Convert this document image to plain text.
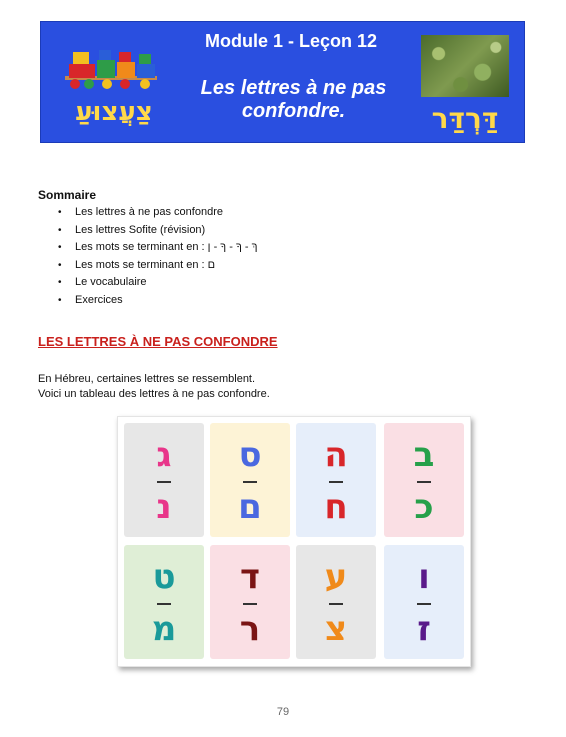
צַעֲצוּעַ
Module 1 - Leçon 12
Les lettres à ne pas confondre.	דַּרְדַּר
Sommaire
• Les lettres à ne pas confondre
• Les lettres Sofite (révision)
• Les mots se terminant en : ךְ - ךָ - ךָ - ן
• Les mots se terminant en : ם
• Le vocabulaire
• Exercices
LES LETTRES À NE PAS CONFONDRE
En Hébreu, certaines lettres se ressemblent.
Voici un tableau des lettres à ne pas confondre.
ג
נ
ס
ם
ה
ח
ב
כ
ט
מ
ד
ר
ע
צ
ו
ז
79
